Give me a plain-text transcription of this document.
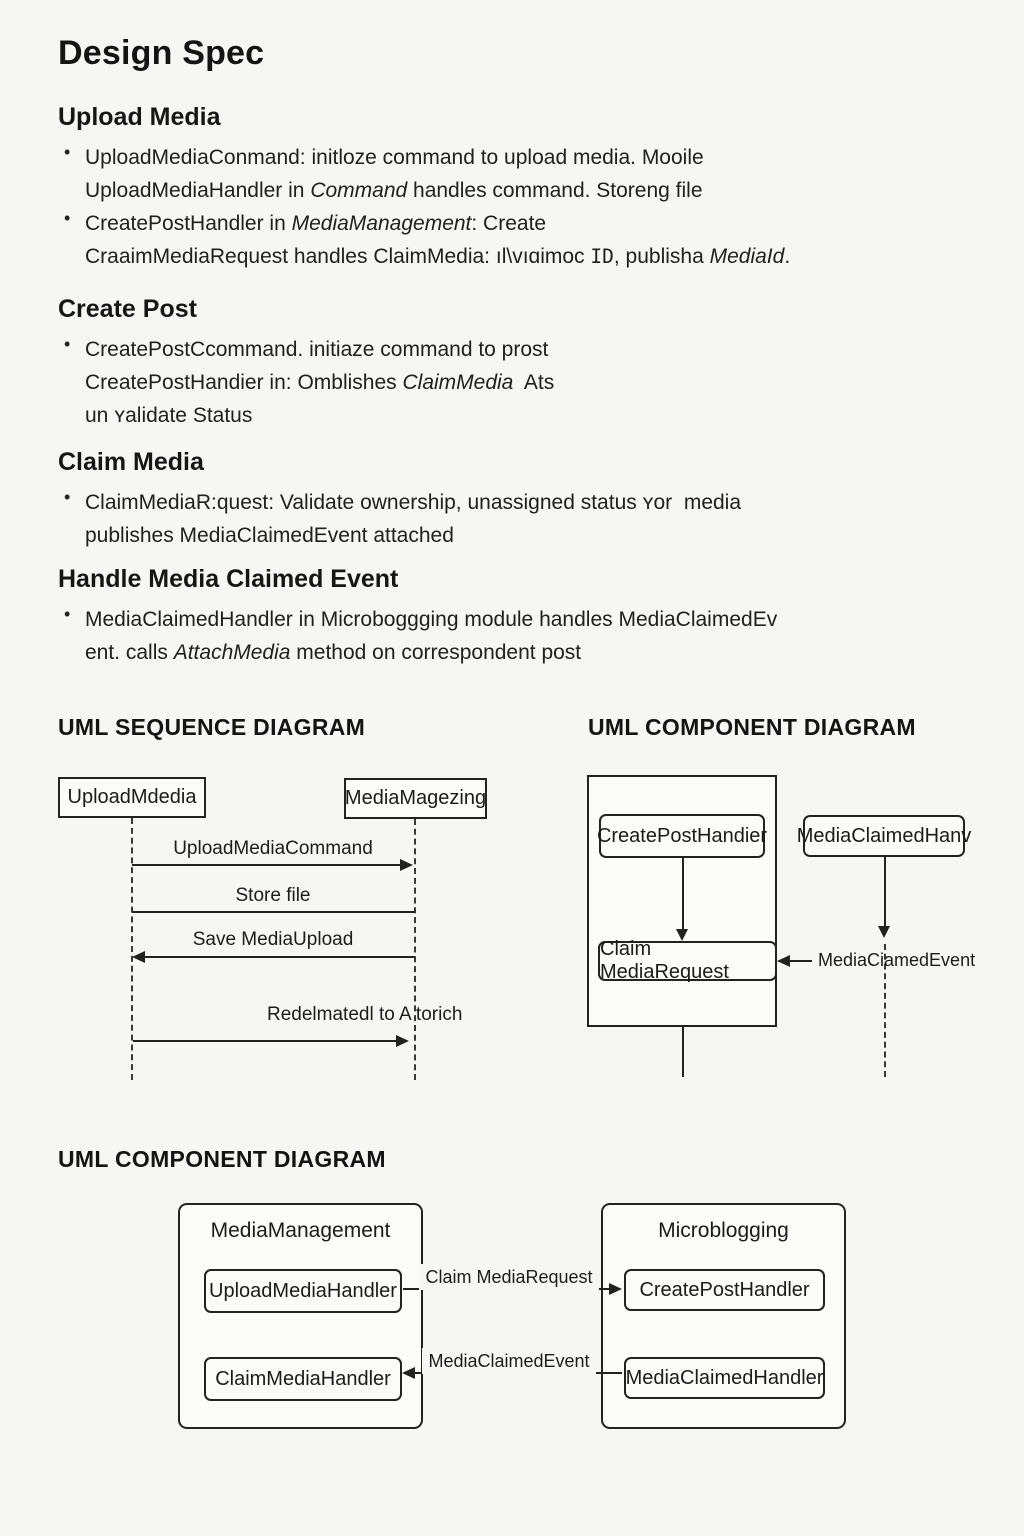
Design Spec
Upload Media
• UploadMediaConmand: initloze command to upload media. Mooile
UploadMediaHandler in Command handles command. Storeng file
• CreatePostHandler in MediaManagement: Create
CraaimMediaRequest handles ClaimMedia: ıl\vıɑimoc ID, publisha MediaId.
Create Post
• CreatePostCcommand. initiaze command to prost
CreatePostHandier in: Omblishes ClaimMedia  Ats
un ʏalidate Status
Claim Media
• ClaimMediaR:quest: Validate ownership, unassigned status ʏor  media
publishes MediaClaimedEvent attached
Handle Media Claimed Event
• MediaClaimedHandler in Microboggging module handles MediaClaimedEv
ent. calls AttachMedia method on correspondent post
UML SEQUENCE DIAGRAM
UploadMdedia	MediaMagezing
UploadMediaCommand
Store file
Save MediaUpload
Redelmatedl to A torich
UML COMPONENT DIAGRAM
CreatePostHandier
Claim MediaRequest
MediaClaimedHanv
MediaCiamedEvent
UML COMPONENT DIAGRAM
MediaManagement
UploadMediaHandler
ClaimMediaHandler
Microblogging
CreatePostHandler
MediaClaimedHandler
Claim MediaRequest
MediaClaimedEvent
